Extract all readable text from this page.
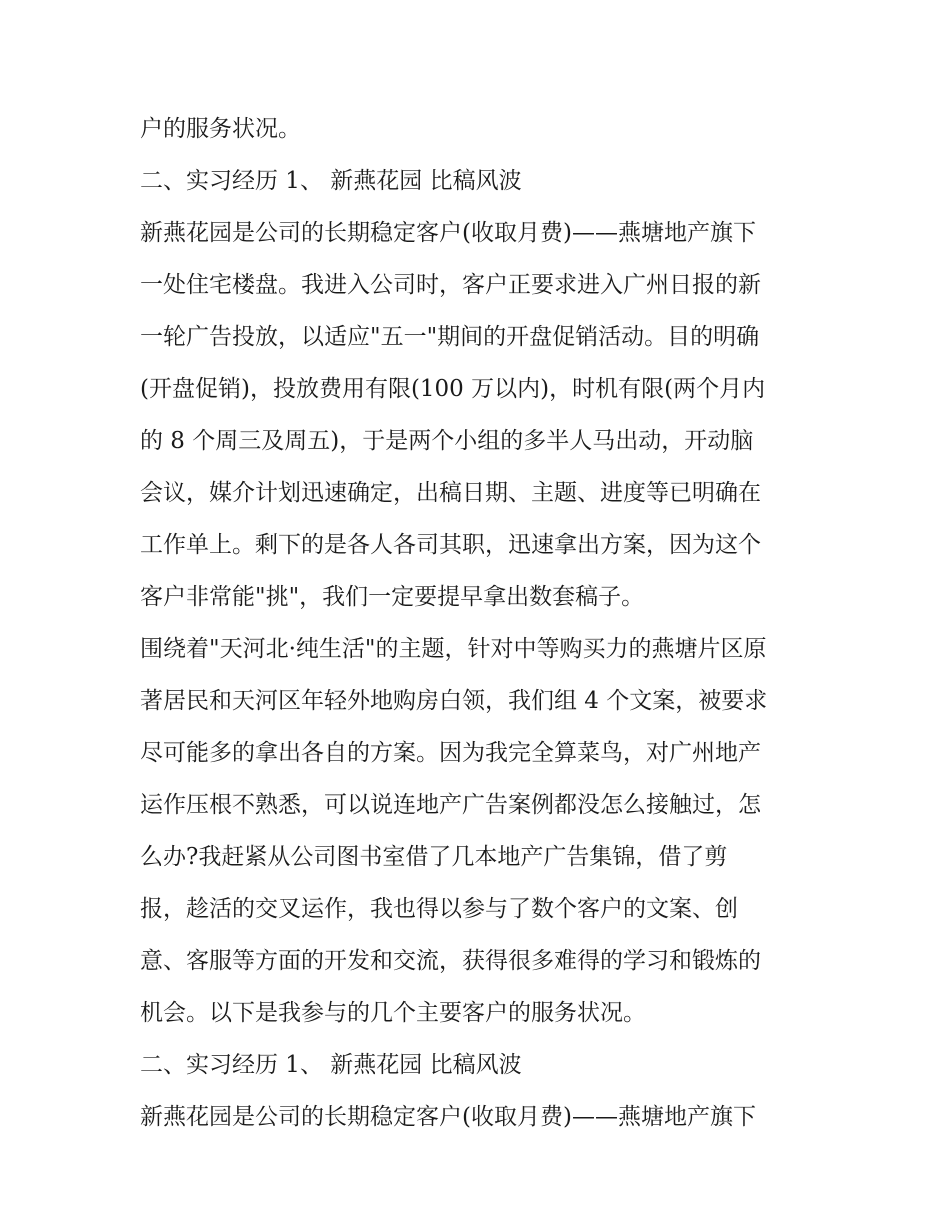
户的服务状况。
二、实习经历 1、 新燕花园 比稿风波
新燕花园是公司的长期稳定客户(收取月费)——燕塘地产旗下
一处住宅楼盘。我进入公司时，客户正要求进入广州日报的新
一轮广告投放，以适应"五一"期间的开盘促销活动。目的明确
(开盘促销)，投放费用有限(100 万以内)，时机有限(两个月内
的 8 个周三及周五)，于是两个小组的多半人马出动，开动脑
会议，媒介计划迅速确定，出稿日期、主题、进度等已明确在
工作单上。剩下的是各人各司其职，迅速拿出方案，因为这个
客户非常能"挑"，我们一定要提早拿出数套稿子。
围绕着"天河北·纯生活"的主题，针对中等购买力的燕塘片区原
著居民和天河区年轻外地购房白领，我们组 4 个文案，被要求
尽可能多的拿出各自的方案。因为我完全算菜鸟，对广州地产
运作压根不熟悉，可以说连地产广告案例都没怎么接触过，怎
么办?我赶紧从公司图书室借了几本地产广告集锦，借了剪
报，趁活的交叉运作，我也得以参与了数个客户的文案、创
意、客服等方面的开发和交流，获得很多难得的学习和锻炼的
机会。以下是我参与的几个主要客户的服务状况。
二、实习经历 1、 新燕花园 比稿风波
新燕花园是公司的长期稳定客户(收取月费)——燕塘地产旗下
